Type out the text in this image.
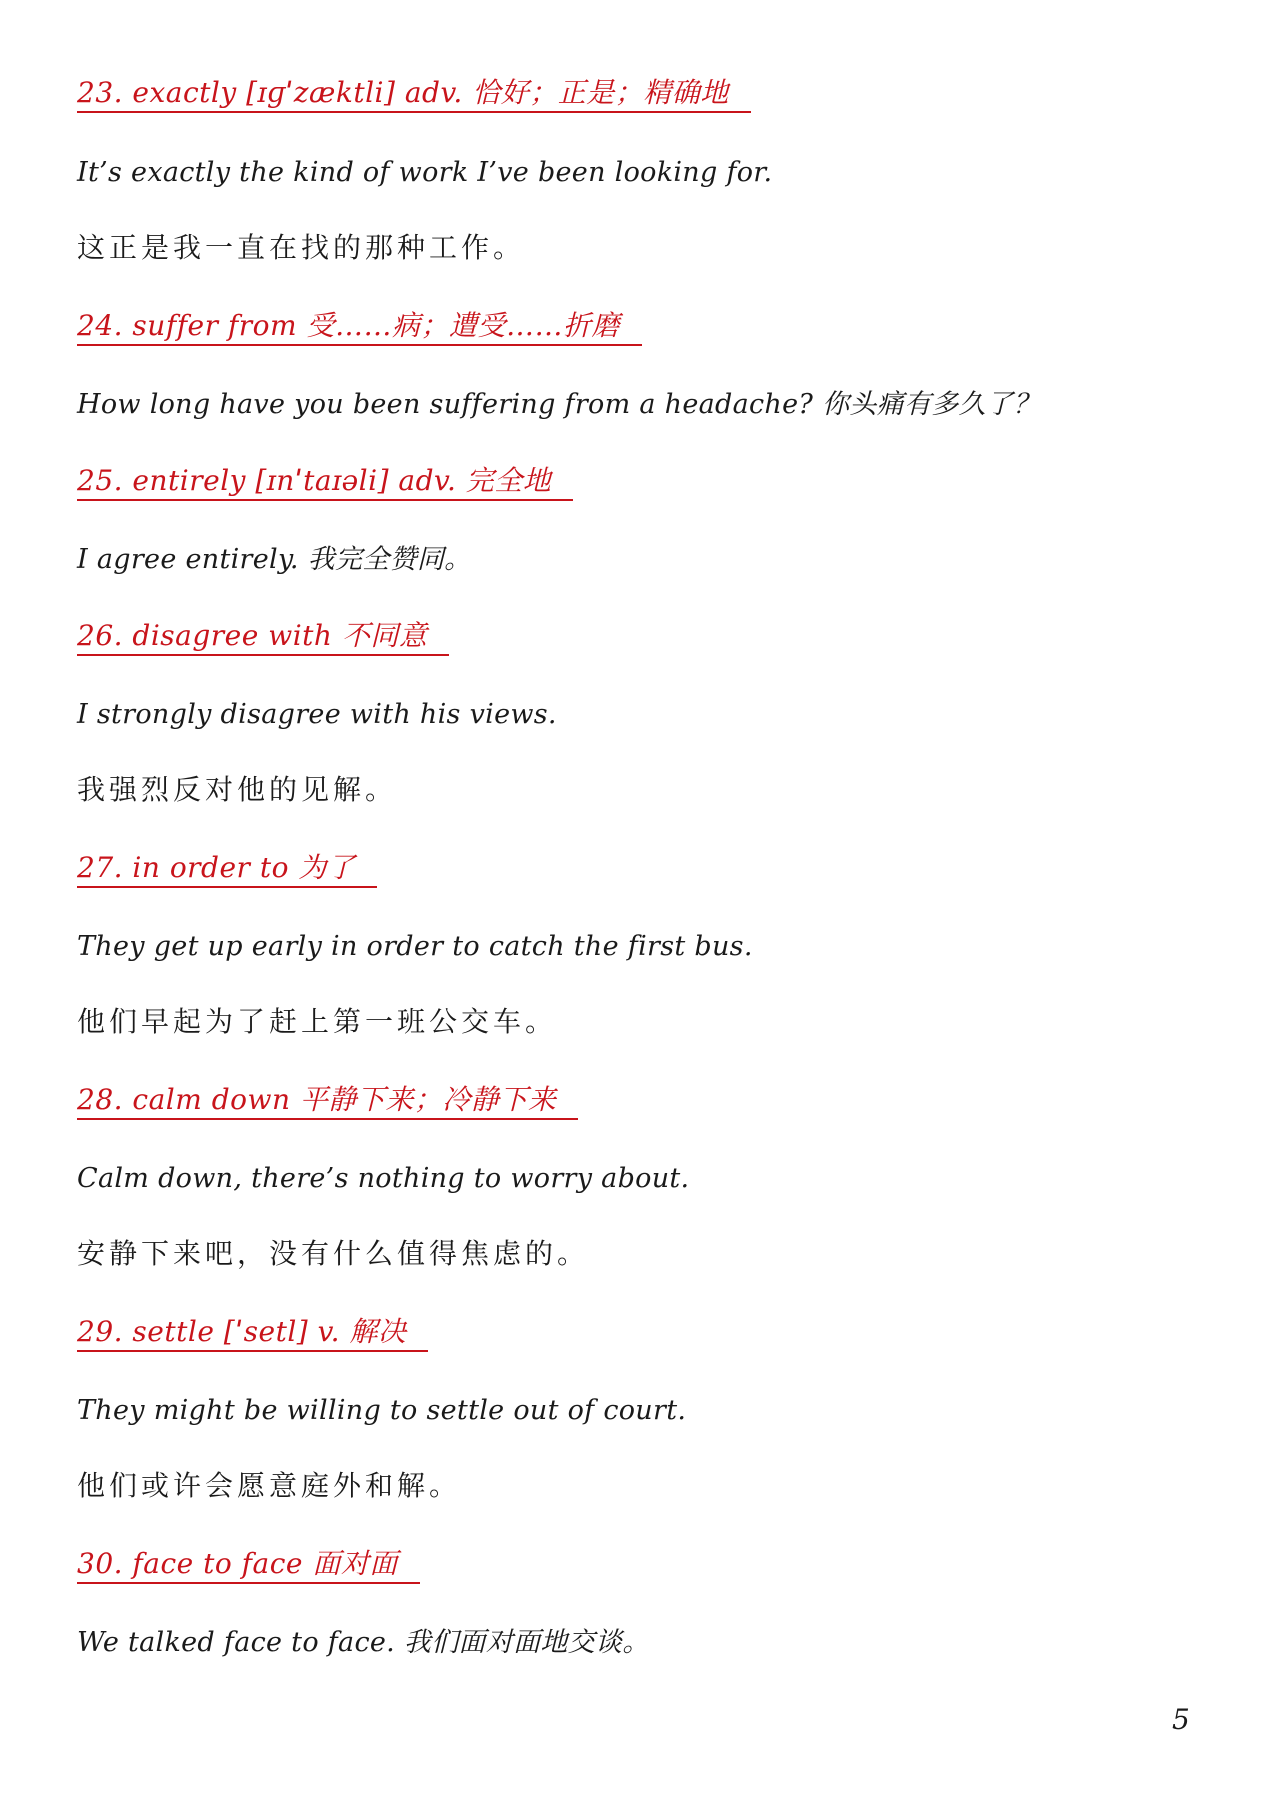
23. exactly [ɪɡˈzæktli] adv. 恰好；正是；精确地
It’s exactly the kind of work I’ve been looking for.
这正是我一直在找的那种工作。
24. suffer from 受……病；遭受……折磨
How long have you been suffering from a headache? 你头痛有多久了？
25. entirely [ɪnˈtaɪəli] adv. 完全地
I agree entirely. 我完全赞同。
26. disagree with 不同意
I strongly disagree with his views.
我强烈反对他的见解。
27. in order to 为了
They get up early in order to catch the first bus.
他们早起为了赶上第一班公交车。
28. calm down 平静下来；冷静下来
Calm down, there’s nothing to worry about.
安静下来吧，没有什么值得焦虑的。
29. settle [ˈsetl] v. 解决
They might be willing to settle out of court.
他们或许会愿意庭外和解。
30. face to face 面对面
We talked face to face. 我们面对面地交谈。
5
